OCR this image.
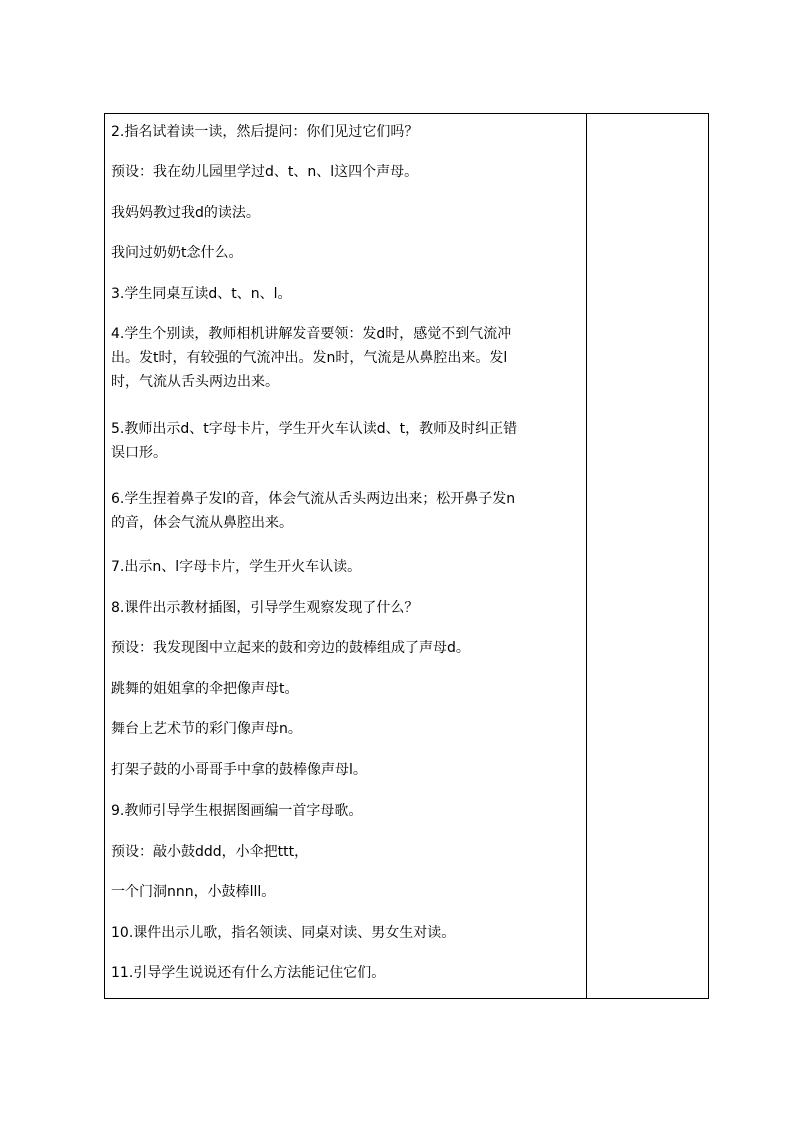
2.指名试着读一读，然后提问：你们见过它们吗？
预设：我在幼儿园里学过d、t、n、l这四个声母。
我妈妈教过我d的读法。
我问过奶奶t念什么。
3.学生同桌互读d、t、n、l。
4.学生个别读，教师相机讲解发音要领：发d时，感觉不到气流冲
出。发t时，有较强的气流冲出。发n时，气流是从鼻腔出来。发l
时，气流从舌头两边出来。
5.教师出示d、t字母卡片，学生开火车认读d、t，教师及时纠正错
误口形。
6.学生捏着鼻子发l的音，体会气流从舌头两边出来；松开鼻子发n
的音，体会气流从鼻腔出来。
7.出示n、l字母卡片，学生开火车认读。
8.课件出示教材插图，引导学生观察发现了什么？
预设：我发现图中立起来的鼓和旁边的鼓棒组成了声母d。
跳舞的姐姐拿的伞把像声母t。
舞台上艺术节的彩门像声母n。
打架子鼓的小哥哥手中拿的鼓棒像声母l。
9.教师引导学生根据图画编一首字母歌。
预设：敲小鼓ddd，小伞把ttt，
一个门洞nnn，小鼓棒lll。
10.课件出示儿歌，指名领读、同桌对读、男女生对读。
11.引导学生说说还有什么方法能记住它们。
